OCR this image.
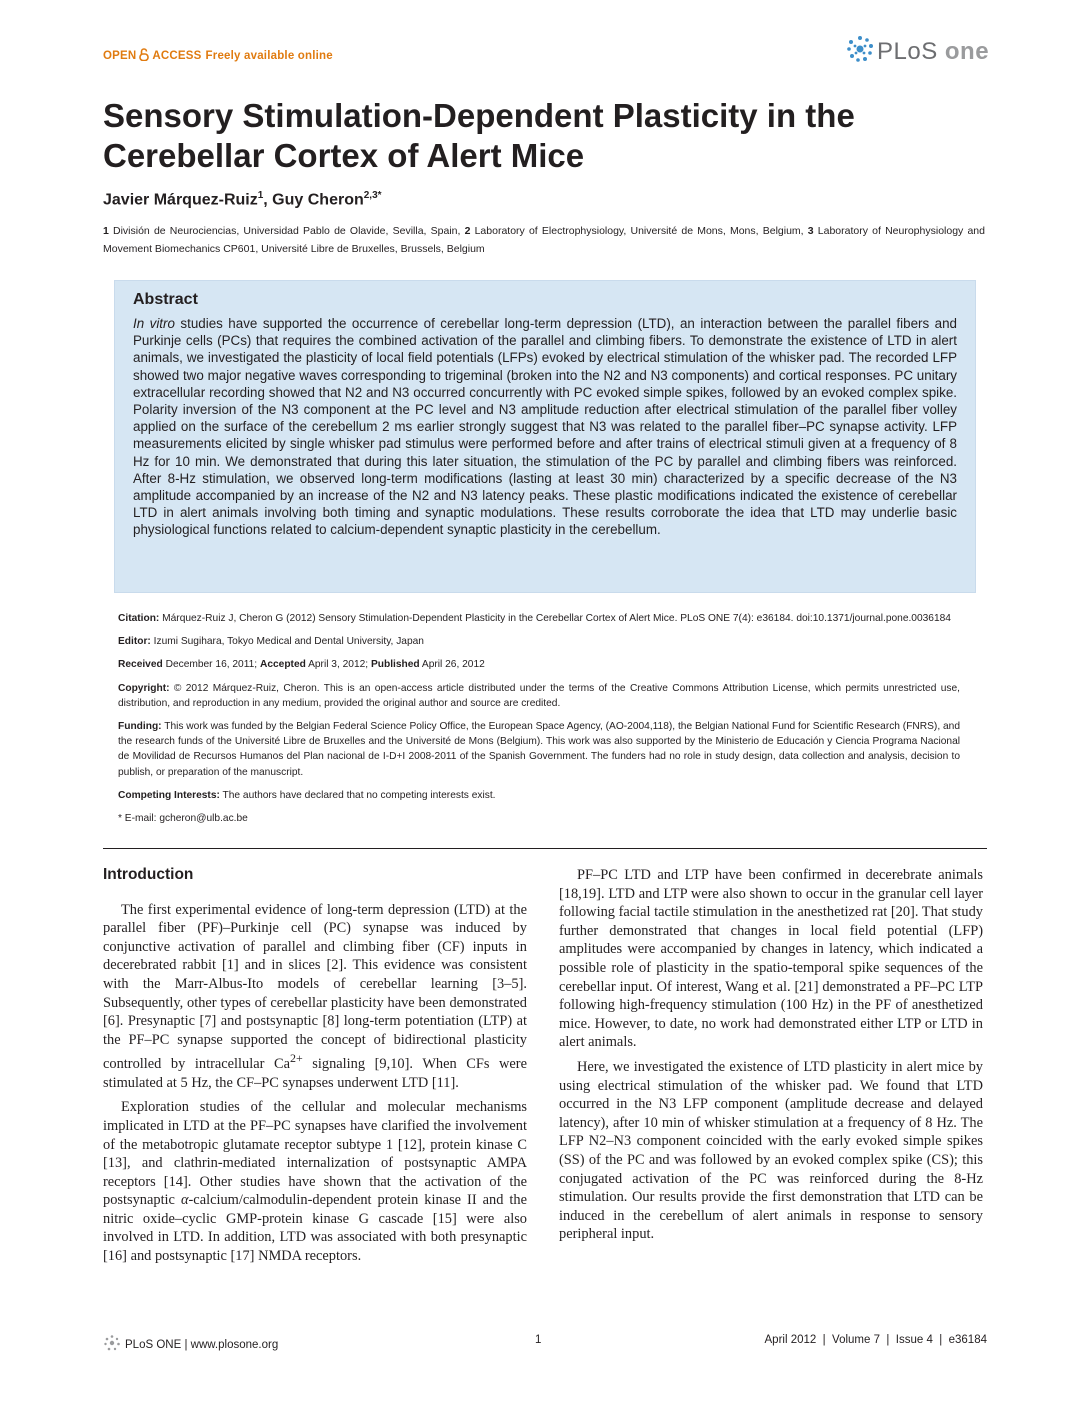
OPEN ACCESS Freely available online	PLoS one
Sensory Stimulation-Dependent Plasticity in the Cerebellar Cortex of Alert Mice
Javier Márquez-Ruiz$^1$, Guy Cheron$^{2,3*}$
1 División de Neurociencias, Universidad Pablo de Olavide, Sevilla, Spain, 2 Laboratory of Electrophysiology, Université de Mons, Mons, Belgium, 3 Laboratory of Neurophysiology and Movement Biomechanics CP601, Université Libre de Bruxelles, Brussels, Belgium
Abstract

In vitro studies have supported the occurrence of cerebellar long-term depression (LTD), an interaction between the parallel fibers and Purkinje cells (PCs) that requires the combined activation of the parallel and climbing fibers. To demonstrate the existence of LTD in alert animals, we investigated the plasticity of local field potentials (LFPs) evoked by electrical stimulation of the whisker pad. The recorded LFP showed two major negative waves corresponding to trigeminal (broken into the N2 and N3 components) and cortical responses. PC unitary extracellular recording showed that N2 and N3 occurred concurrently with PC evoked simple spikes, followed by an evoked complex spike. Polarity inversion of the N3 component at the PC level and N3 amplitude reduction after electrical stimulation of the parallel fiber volley applied on the surface of the cerebellum 2 ms earlier strongly suggest that N3 was related to the parallel fiber–PC synapse activity. LFP measurements elicited by single whisker pad stimulus were performed before and after trains of electrical stimuli given at a frequency of 8 Hz for 10 min. We demonstrated that during this later situation, the stimulation of the PC by parallel and climbing fibers was reinforced. After 8-Hz stimulation, we observed long-term modifications (lasting at least 30 min) characterized by a specific decrease of the N3 amplitude accompanied by an increase of the N2 and N3 latency peaks. These plastic modifications indicated the existence of cerebellar LTD in alert animals involving both timing and synaptic modulations. These results corroborate the idea that LTD may underlie basic physiological functions related to calcium-dependent synaptic plasticity in the cerebellum.

Citation: Márquez-Ruiz J, Cheron G (2012) Sensory Stimulation-Dependent Plasticity in the Cerebellar Cortex of Alert Mice. PLoS ONE 7(4): e36184. doi:10.1371/journal.pone.0036184

Editor: Izumi Sugihara, Tokyo Medical and Dental University, Japan

Received December 16, 2011; Accepted April 3, 2012; Published April 26, 2012

Copyright: © 2012 Márquez-Ruiz, Cheron. This is an open-access article distributed under the terms of the Creative Commons Attribution License, which permits unrestricted use, distribution, and reproduction in any medium, provided the original author and source are credited.

Funding: This work was funded by the Belgian Federal Science Policy Office, the European Space Agency, (AO-2004,118), the Belgian National Fund for Scientific Research (FNRS), and the research funds of the Université Libre de Bruxelles and the Université de Mons (Belgium). This work was also supported by the Ministerio de Educación y Ciencia Programa Nacional de Movilidad de Recursos Humanos del Plan nacional de I-D+I 2008-2011 of the Spanish Government. The funders had no role in study design, data collection and analysis, decision to publish, or preparation of the manuscript.

Competing Interests: The authors have declared that no competing interests exist.

* E-mail: gcheron@ulb.ac.be

Introduction

The first experimental evidence of long-term depression (LTD) at the parallel fiber (PF)–Purkinje cell (PC) synapse was induced by conjunctive activation of parallel and climbing fiber (CF) inputs in decerebrated rabbit [1] and in slices [2]. This evidence was consistent with the Marr-Albus-Ito models of cerebellar learning [3–5]. Subsequently, other types of cerebellar plasticity have been demonstrated [6]. Presynaptic [7] and postsynaptic [8] long-term potentiation (LTP) at the PF–PC synapse supported the concept of bidirectional plasticity controlled by intracellular $Ca^{2+}$ signaling [9,10]. When CFs were stimulated at 5 Hz, the CF–PC synapses underwent LTD [11].

Exploration studies of the cellular and molecular mechanisms implicated in LTD at the PF–PC synapses have clarified the involvement of the metabotropic glutamate receptor subtype 1 [12], protein kinase C [13], and clathrin-mediated internalization of postsynaptic AMPA receptors [14]. Other studies have shown that the activation of the postsynaptic α-calcium/calmodulin-dependent protein kinase II and the nitric oxide–cyclic GMP-protein kinase G cascade [15] were also involved in LTD. In addition, LTD was associated with both presynaptic [16] and postsynaptic [17] NMDA receptors.

PF–PC LTD and LTP have been confirmed in decerebrate animals [18,19]. LTD and LTP were also shown to occur in the granular cell layer following facial tactile stimulation in the anesthetized rat [20]. That study further demonstrated that changes in local field potential (LFP) amplitudes were accompanied by changes in latency, which indicated a possible role of plasticity in the spatio-temporal spike sequences of the cerebellar input. Of interest, Wang et al. [21] demonstrated a PF–PC LTP following high-frequency stimulation (100 Hz) in the PF of anesthetized mice. However, to date, no work had demonstrated either LTP or LTD in alert animals.

Here, we investigated the existence of LTD plasticity in alert mice by using electrical stimulation of the whisker pad. We found that LTD occurred in the N3 LFP component (amplitude decrease and delayed latency), after 10 min of whisker stimulation at a frequency of 8 Hz. The LFP N2–N3 component coincided with the early evoked simple spikes (SS) of the PC and was followed by an evoked complex spike (CS); this conjugated activation of the PC was reinforced during the 8-Hz stimulation. Our results provide the first demonstration that LTD can be induced in the cerebellum of alert animals in response to sensory peripheral input.

PLoS ONE | www.plosone.org	1	April 2012  |  Volume 7  |  Issue 4  |  e36184
